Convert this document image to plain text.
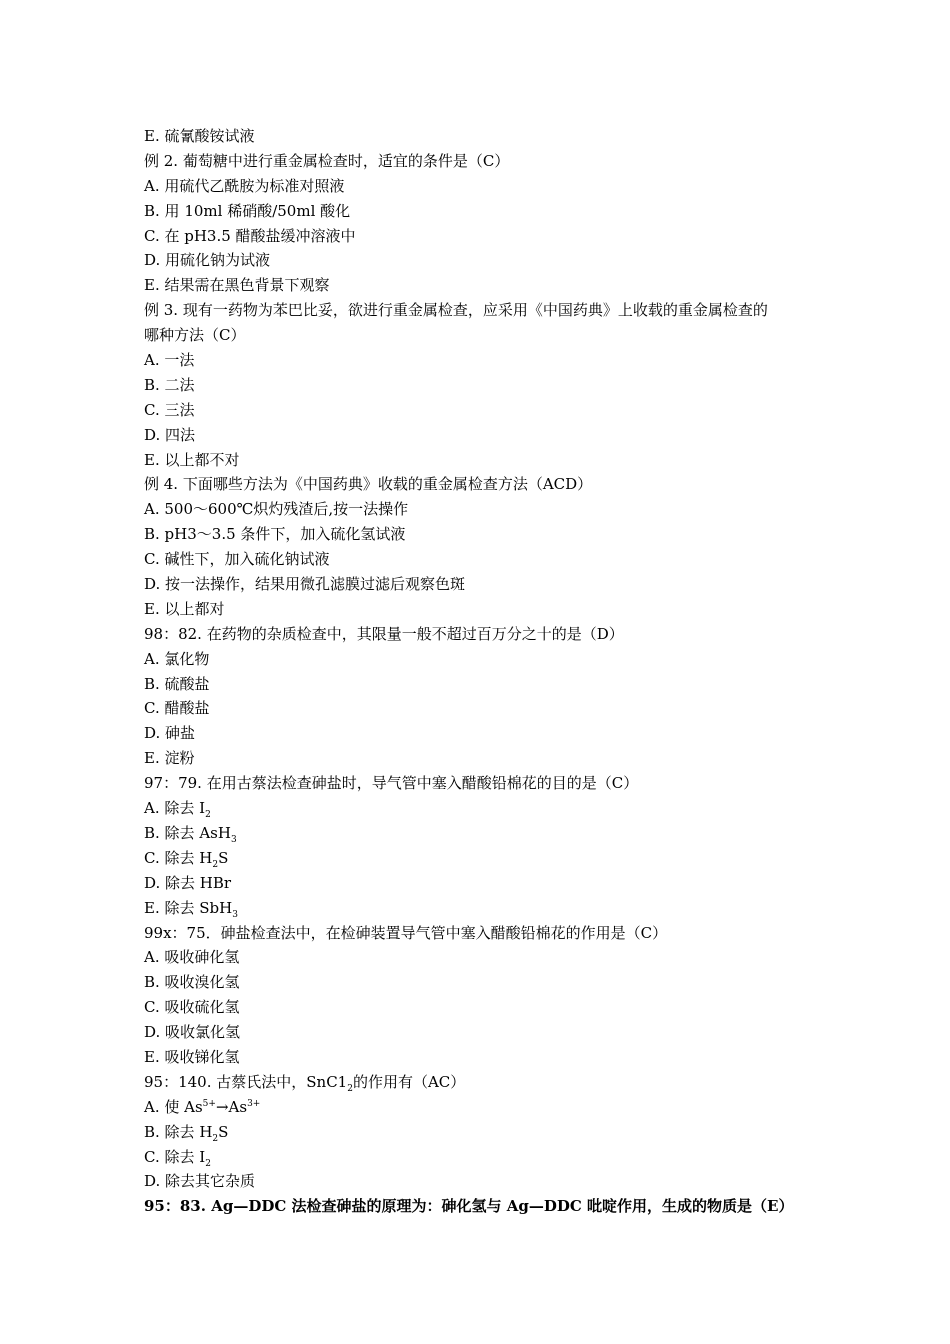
E. 硫氰酸铵试液
例 2. 葡萄糖中进行重金属检查时，适宜的条件是（C）
A. 用硫代乙酰胺为标准对照液
B. 用 10ml 稀硝酸/50ml 酸化
C. 在 pH3.5 醋酸盐缓冲溶液中
D. 用硫化钠为试液
E. 结果需在黑色背景下观察
例 3. 现有一药物为苯巴比妥，欲进行重金属检查，应采用《中国药典》上收载的重金属检查的
哪种方法（C）
A. 一法
B. 二法
C. 三法
D. 四法
E. 以上都不对
例 4. 下面哪些方法为《中国药典》收载的重金属检查方法（ACD）
A. 500～600℃炽灼残渣后,按一法操作
B. pH3～3.5 条件下，加入硫化氢试液
C. 碱性下，加入硫化钠试液
D. 按一法操作，结果用微孔滤膜过滤后观察色斑
E. 以上都对
98：82. 在药物的杂质检查中，其限量一般不超过百万分之十的是（D）
A. 氯化物
B. 硫酸盐
C. 醋酸盐
D. 砷盐
E. 淀粉
97：79. 在用古蔡法检查砷盐时，导气管中塞入醋酸铅棉花的目的是（C）
A. 除去 $I_2$
B. 除去 AsH$_3$
C. 除去 $H_2S$
D. 除去 HBr
E. 除去 SbH$_3$
99x：75．砷盐检查法中，在检砷装置导气管中塞入醋酸铅棉花的作用是（C）
A. 吸收砷化氢
B. 吸收溴化氢
C. 吸收硫化氢
D. 吸收氯化氢
E. 吸收锑化氢
95：140. 古蔡氏法中，$SnC1_2$的作用有（AC）
A. 使 $As^{5+}\to As^{3+}$
B. 除去 $H_2S$
C. 除去 $I_2$
D. 除去其它杂质
95：83. Ag—DDC 法检查砷盐的原理为：砷化氢与 Ag—DDC 吡啶作用，生成的物质是（E）
